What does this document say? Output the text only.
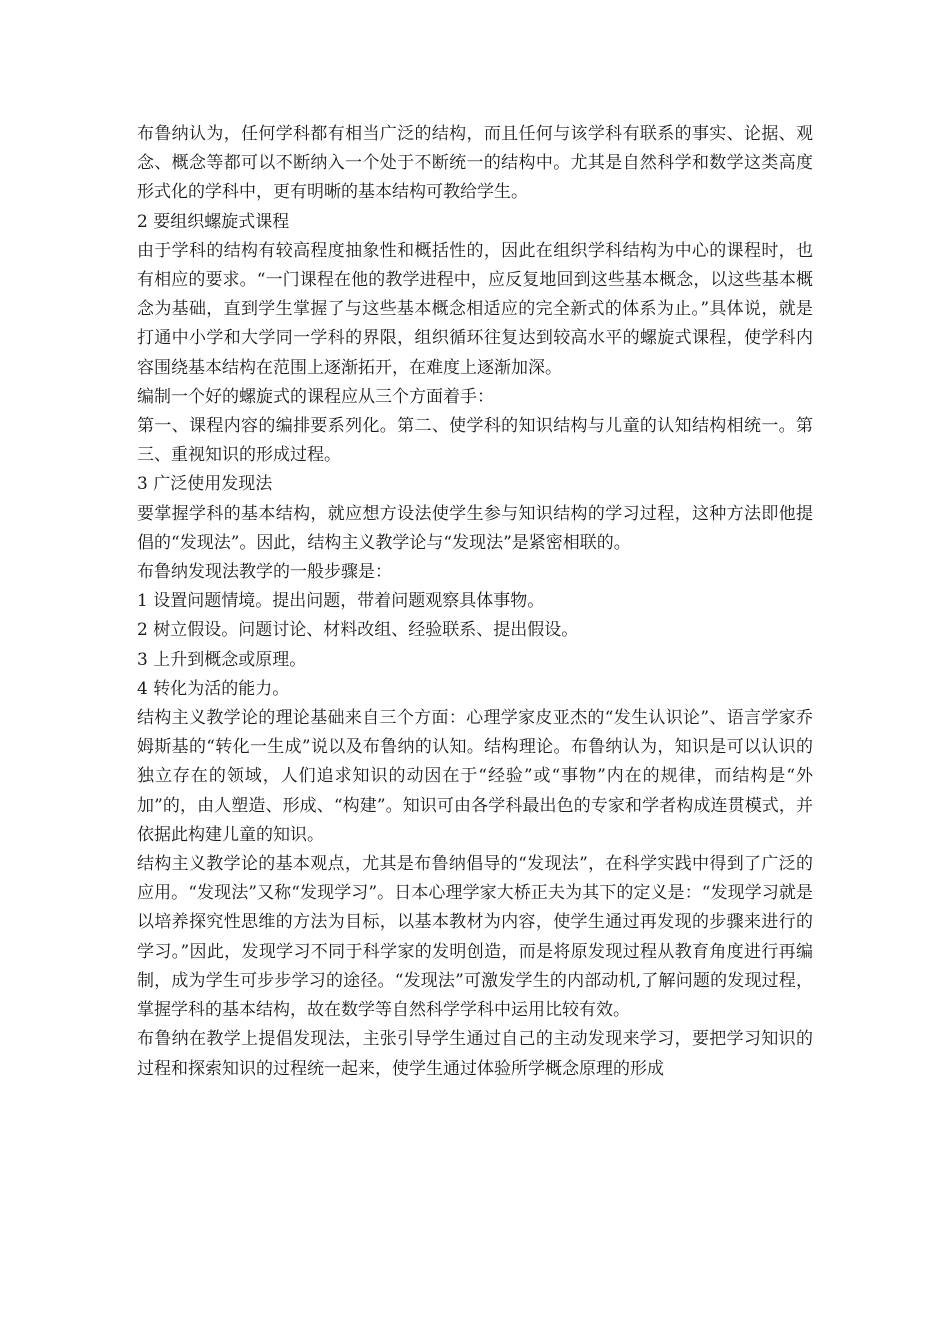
布鲁纳认为，任何学科都有相当广泛的结构，而且任何与该学科有联系的事实、论据、观念、概念等都可以不断纳入一个处于不断统一的结构中。尤其是自然科学和数学这类高度形式化的学科中，更有明晰的基本结构可教给学生。

2 要组织螺旋式课程

由于学科的结构有较高程度抽象性和概括性的，因此在组织学科结构为中心的课程时，也有相应的要求。“一门课程在他的教学进程中，应反复地回到这些基本概念，以这些基本概念为基础，直到学生掌握了与这些基本概念相适应的完全新式的体系为止。”具体说，就是打通中小学和大学同一学科的界限，组织循环往复达到较高水平的螺旋式课程，使学科内容围绕基本结构在范围上逐渐拓开，在难度上逐渐加深。

编制一个好的螺旋式的课程应从三个方面着手：

第一、课程内容的编排要系列化。第二、使学科的知识结构与儿童的认知结构相统一。第三、重视知识的形成过程。

3 广泛使用发现法

要掌握学科的基本结构，就应想方设法使学生参与知识结构的学习过程，这种方法即他提倡的“发现法”。因此，结构主义教学论与“发现法”是紧密相联的。

布鲁纳发现法教学的一般步骤是：

1 设置问题情境。提出问题，带着问题观察具体事物。

2 树立假设。问题讨论、材料改组、经验联系、提出假设。

3 上升到概念或原理。

4 转化为活的能力。

结构主义教学论的理论基础来自三个方面：心理学家皮亚杰的“发生认识论”、语言学家乔姆斯基的“转化一生成”说以及布鲁纳的认知。结构理论。布鲁纳认为，知识是可以认识的独立存在的领域，人们追求知识的动因在于“经验”或“事物”内在的规律，而结构是“外加”的，由人塑造、形成、“构建”。知识可由各学科最出色的专家和学者构成连贯模式，并依据此构建儿童的知识。

结构主义教学论的基本观点，尤其是布鲁纳倡导的“发现法”，在科学实践中得到了广泛的应用。“发现法”又称“发现学习”。日本心理学家大桥正夫为其下的定义是：“发现学习就是以培养探究性思维的方法为目标，以基本教材为内容，使学生通过再发现的步骤来进行的学习。”因此，发现学习不同于科学家的发明创造，而是将原发现过程从教育角度进行再编制，成为学生可步步学习的途径。“发现法”可激发学生的内部动机,了解问题的发现过程，掌握学科的基本结构，故在数学等自然科学学科中运用比较有效。

布鲁纳在教学上提倡发现法，主张引导学生通过自己的主动发现来学习，要把学习知识的过程和探索知识的过程统一起来，使学生通过体验所学概念原理的形成
